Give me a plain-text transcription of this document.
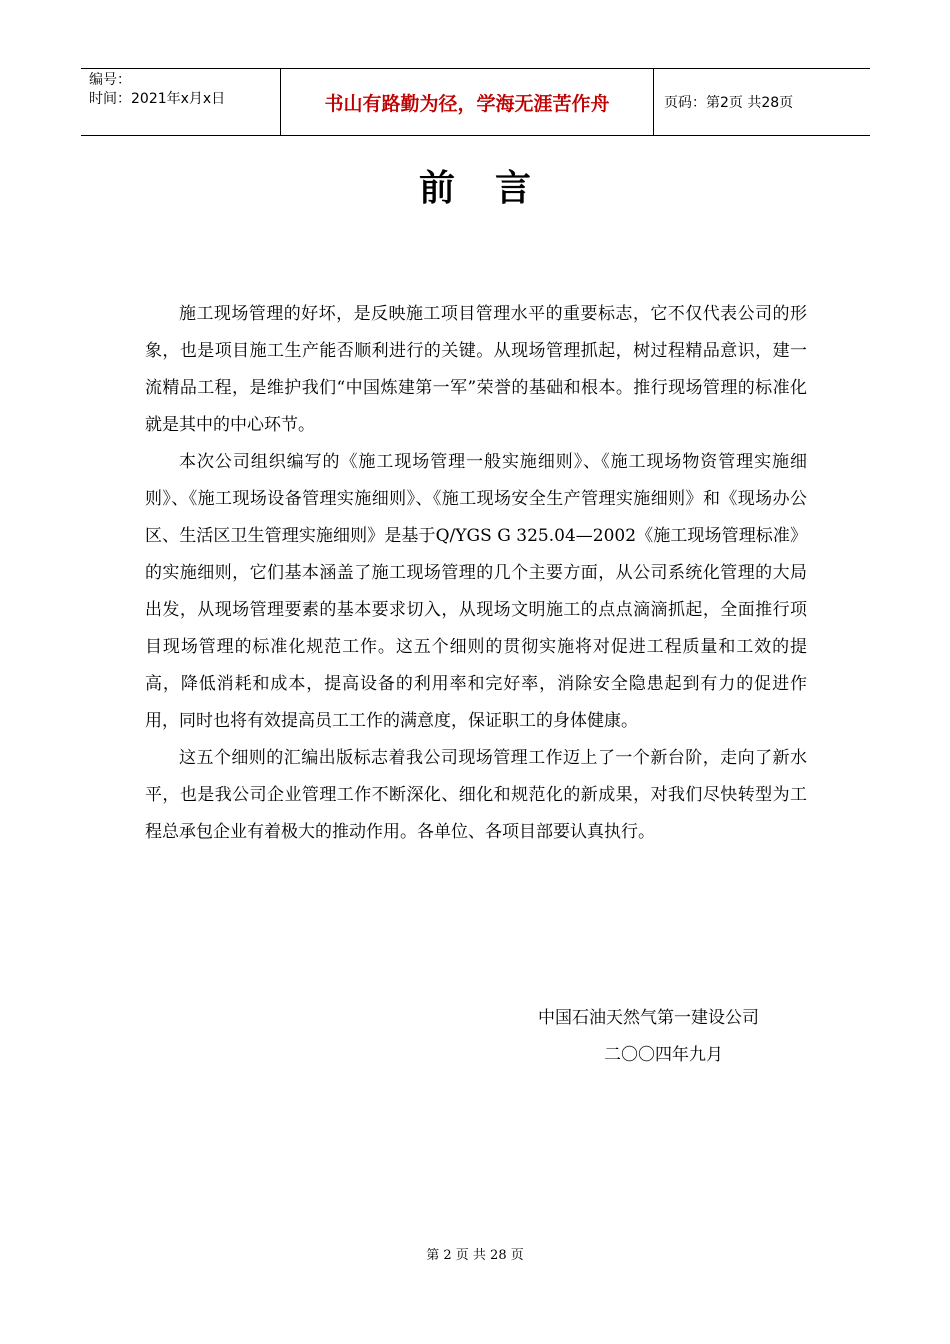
编号：
时间：2021年x月x日	书山有路勤为径，学海无涯苦作舟	页码：第2页 共28页
前言

施工现场管理的好坏，是反映施工项目管理水平的重要标志，它不仅代表公司的形象，也是项目施工生产能否顺利进行的关键。从现场管理抓起，树过程精品意识，建一流精品工程，是维护我们“中国炼建第一军”荣誉的基础和根本。推行现场管理的标准化就是其中的中心环节。

本次公司组织编写的《施工现场管理一般实施细则》、《施工现场物资管理实施细则》、《施工现场设备管理实施细则》、《施工现场安全生产管理实施细则》和《现场办公区、生活区卫生管理实施细则》是基于Q/YGS G 325.04—2002《施工现场管理标准》的实施细则，它们基本涵盖了施工现场管理的几个主要方面，从公司系统化管理的大局出发，从现场管理要素的基本要求切入，从现场文明施工的点点滴滴抓起，全面推行项目现场管理的标准化规范工作。这五个细则的贯彻实施将对促进工程质量和工效的提高，降低消耗和成本，提高设备的利用率和完好率，消除安全隐患起到有力的促进作用，同时也将有效提高员工工作的满意度，保证职工的身体健康。

这五个细则的汇编出版标志着我公司现场管理工作迈上了一个新台阶，走向了新水平，也是我公司企业管理工作不断深化、细化和规范化的新成果，对我们尽快转型为工程总承包企业有着极大的推动作用。各单位、各项目部要认真执行。

中国石油天然气第一建设公司
二〇〇四年九月
第 2 页 共 28 页
